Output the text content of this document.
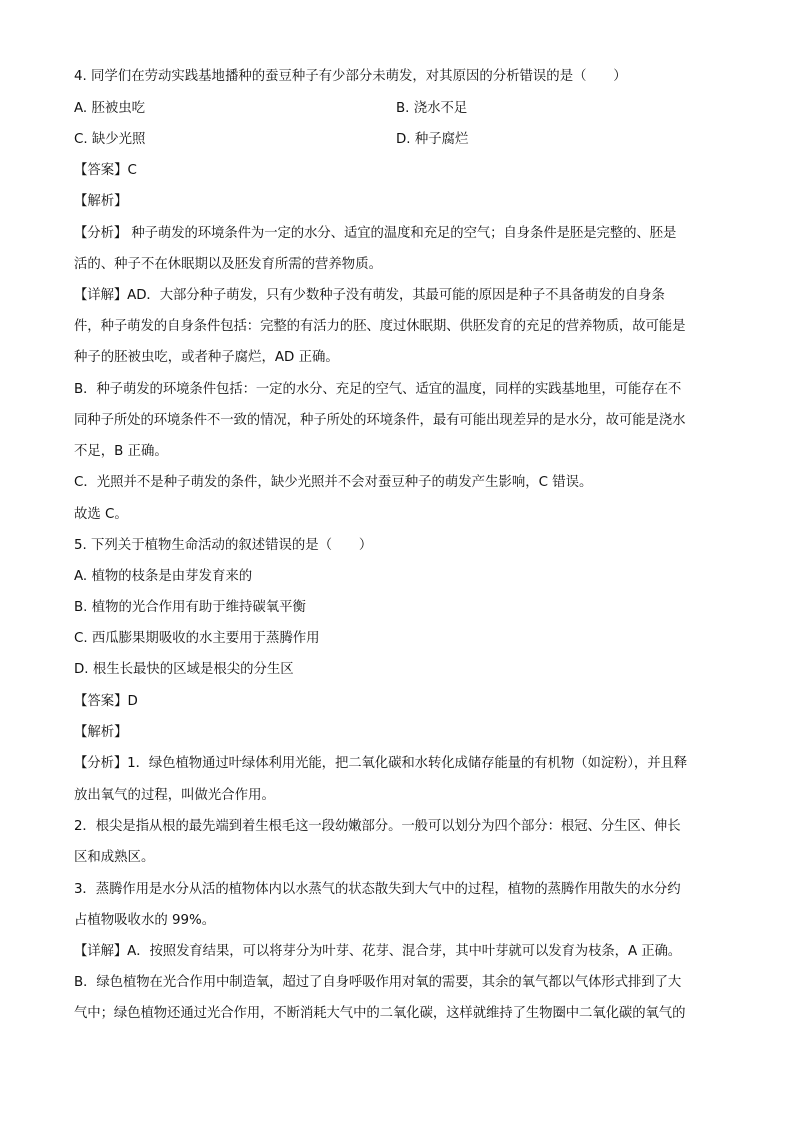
4. 同学们在劳动实践基地播种的蚕豆种子有少部分未萌发，对其原因的分析错误的是（　　）
A. 胚被虫吃	B. 浇水不足
C. 缺少光照	D. 种子腐烂
【答案】C
【解析】
【分析】 种子萌发的环境条件为一定的水分、适宜的温度和充足的空气；自身条件是胚是完整的、胚是
活的、种子不在休眠期以及胚发育所需的营养物质。
【详解】AD．大部分种子萌发，只有少数种子没有萌发，其最可能的原因是种子不具备萌发的自身条
件，种子萌发的自身条件包括：完整的有活力的胚、度过休眠期、供胚发育的充足的营养物质，故可能是
种子的胚被虫吃，或者种子腐烂，AD 正确。
B．种子萌发的环境条件包括：一定的水分、充足的空气、适宜的温度，同样的实践基地里，可能存在不
同种子所处的环境条件不一致的情况，种子所处的环境条件，最有可能出现差异的是水分，故可能是浇水
不足，B 正确。
C．光照并不是种子萌发的条件，缺少光照并不会对蚕豆种子的萌发产生影响，C 错误。
故选 C。
5. 下列关于植物生命活动的叙述错误的是（　　）
A. 植物的枝条是由芽发育来的
B. 植物的光合作用有助于维持碳氧平衡
C. 西瓜膨果期吸收的水主要用于蒸腾作用
D. 根生长最快的区域是根尖的分生区
【答案】D
【解析】
【分析】1．绿色植物通过叶绿体利用光能，把二氧化碳和水转化成储存能量的有机物（如淀粉），并且释
放出氧气的过程，叫做光合作用。
2．根尖是指从根的最先端到着生根毛这一段幼嫩部分。一般可以划分为四个部分：根冠、分生区、伸长
区和成熟区。
3．蒸腾作用是水分从活的植物体内以水蒸气的状态散失到大气中的过程，植物的蒸腾作用散失的水分约
占植物吸收水的 99%。
【详解】A．按照发育结果，可以将芽分为叶芽、花芽、混合芽，其中叶芽就可以发育为枝条，A 正确。
B．绿色植物在光合作用中制造氧，超过了自身呼吸作用对氧的需要，其余的氧气都以气体形式排到了大
气中；绿色植物还通过光合作用，不断消耗大气中的二氧化碳，这样就维持了生物圈中二氧化碳的氧气的
